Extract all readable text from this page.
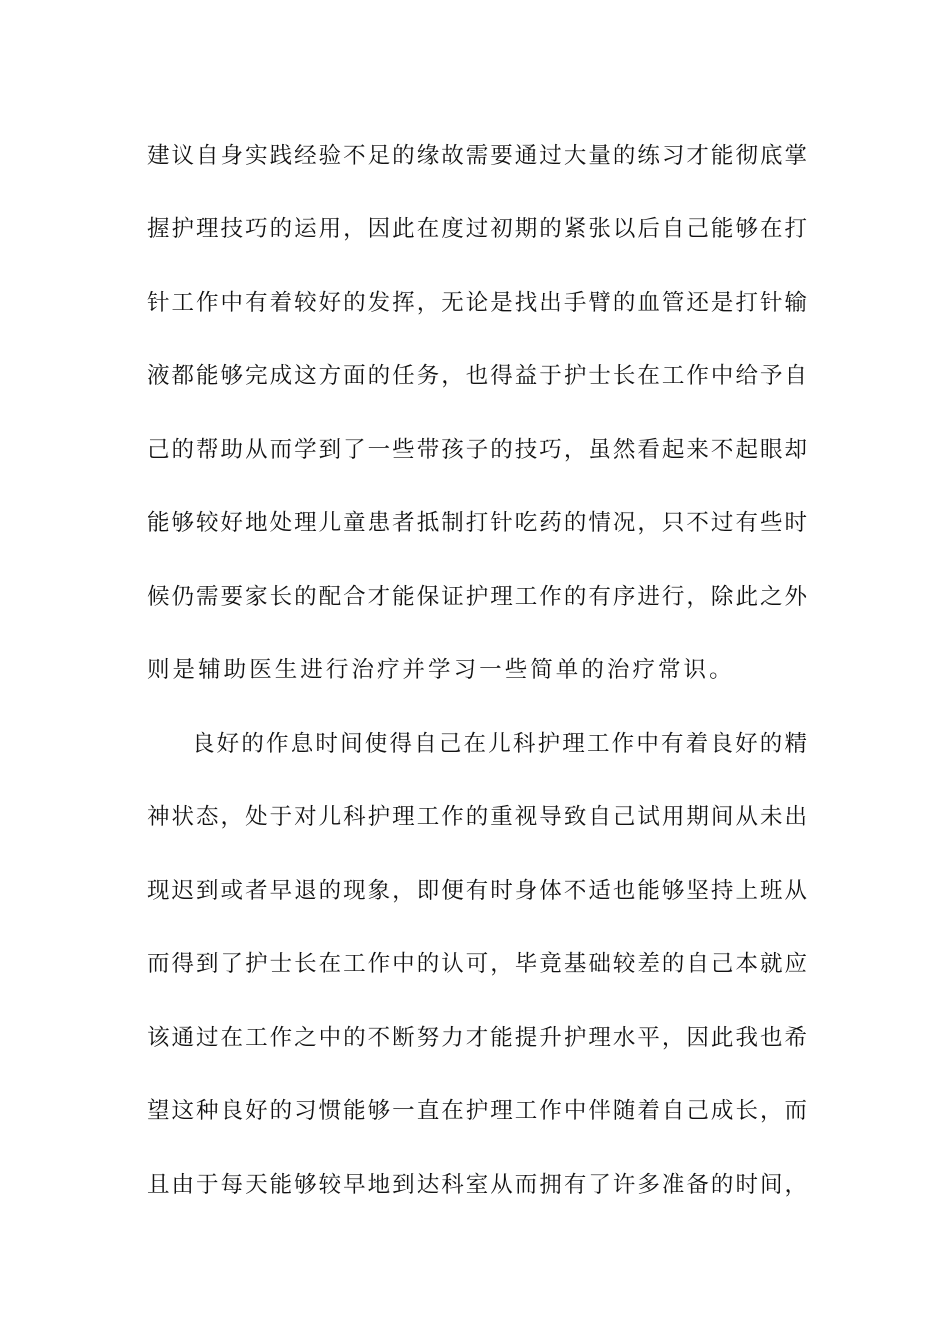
建议自身实践经验不足的缘故需要通过大量的练习才能彻底掌
握护理技巧的运用，因此在度过初期的紧张以后自己能够在打
针工作中有着较好的发挥，无论是找出手臂的血管还是打针输
液都能够完成这方面的任务，也得益于护士长在工作中给予自
己的帮助从而学到了一些带孩子的技巧，虽然看起来不起眼却
能够较好地处理儿童患者抵制打针吃药的情况，只不过有些时
候仍需要家长的配合才能保证护理工作的有序进行，除此之外
则是辅助医生进行治疗并学习一些简单的治疗常识。
良好的作息时间使得自己在儿科护理工作中有着良好的精
神状态，处于对儿科护理工作的重视导致自己试用期间从未出
现迟到或者早退的现象，即便有时身体不适也能够坚持上班从
而得到了护士长在工作中的认可，毕竟基础较差的自己本就应
该通过在工作之中的不断努力才能提升护理水平，因此我也希
望这种良好的习惯能够一直在护理工作中伴随着自己成长，而
且由于每天能够较早地到达科室从而拥有了许多准备的时间，
